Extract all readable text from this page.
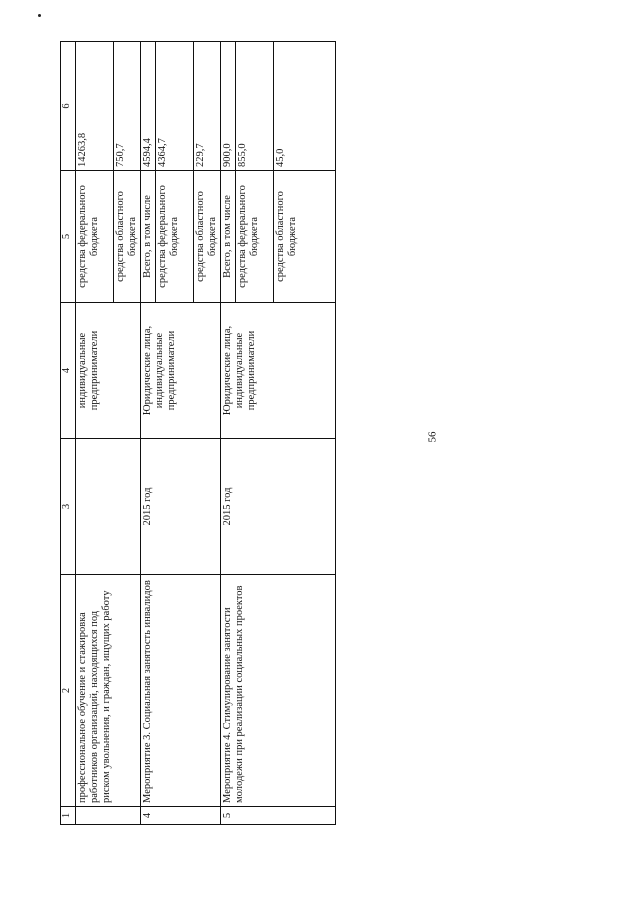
56
1	2	3	4	5	6
	профессиональное обучение и стажировка работников организаций, находящихся под риском увольнения, и граждан, ищущих работу		индивидуальные предприниматели	средства федерального бюджета	14263,8
				средства областного бюджета	750,7
4	Мероприятие 3. Социальная занятость инвалидов	2015 год	Юридические лица, индивидуальные предприниматели	Всего, в том числе	4594,4
				средства федерального бюджета	4364,7
				средства областного бюджета	229,7
5	Мероприятие 4. Стимулирование занятости молодежи при реализации социальных проектов	2015 год	Юридические лица, индивидуальные предприниматели	Всего, в том числе	900,0
				средства федерального бюджета	855,0
				средства областного бюджета	45,0
